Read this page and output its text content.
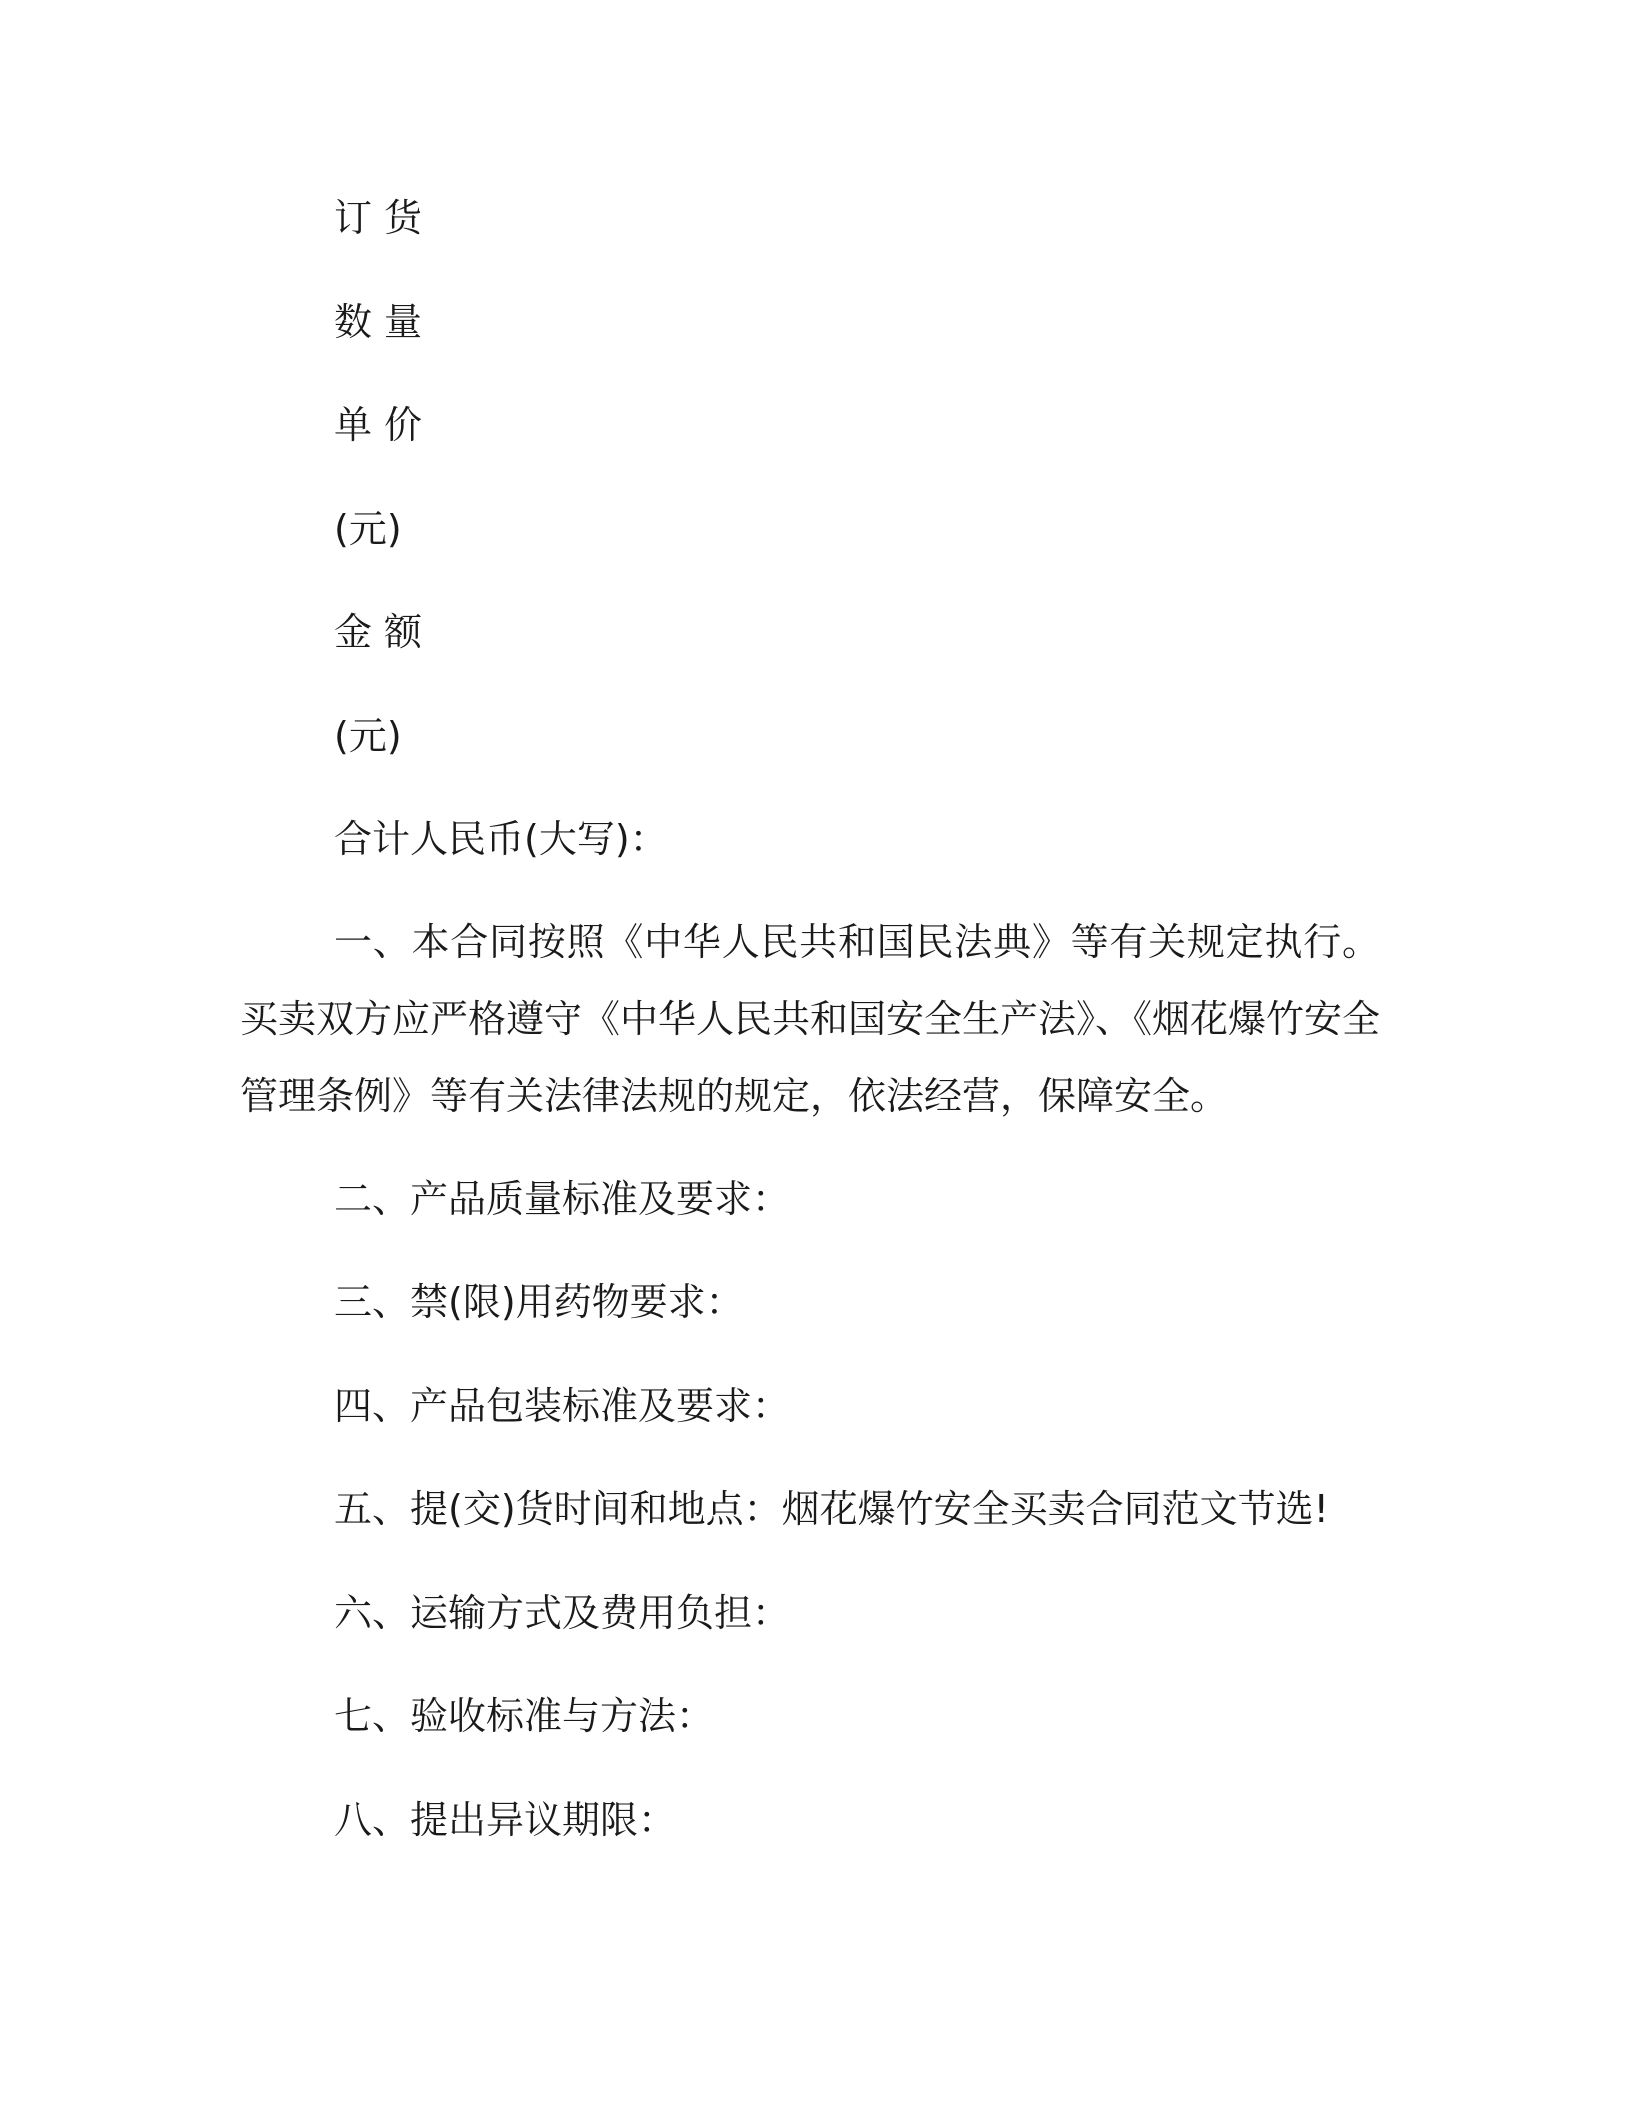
订货
数量
单价
(元)
金额
(元)
合计人民币(大写)：
一、本合同按照《中华人民共和国民法典》等有关规定执行。买卖双方应严格遵守《中华人民共和国安全生产法》、《烟花爆竹安全管理条例》等有关法律法规的规定，依法经营，保障安全。
二、产品质量标准及要求：
三、禁(限)用药物要求：
四、产品包装标准及要求：
五、提(交)货时间和地点：烟花爆竹安全买卖合同范文节选!
六、运输方式及费用负担：
七、验收标准与方法：
八、提出异议期限：
